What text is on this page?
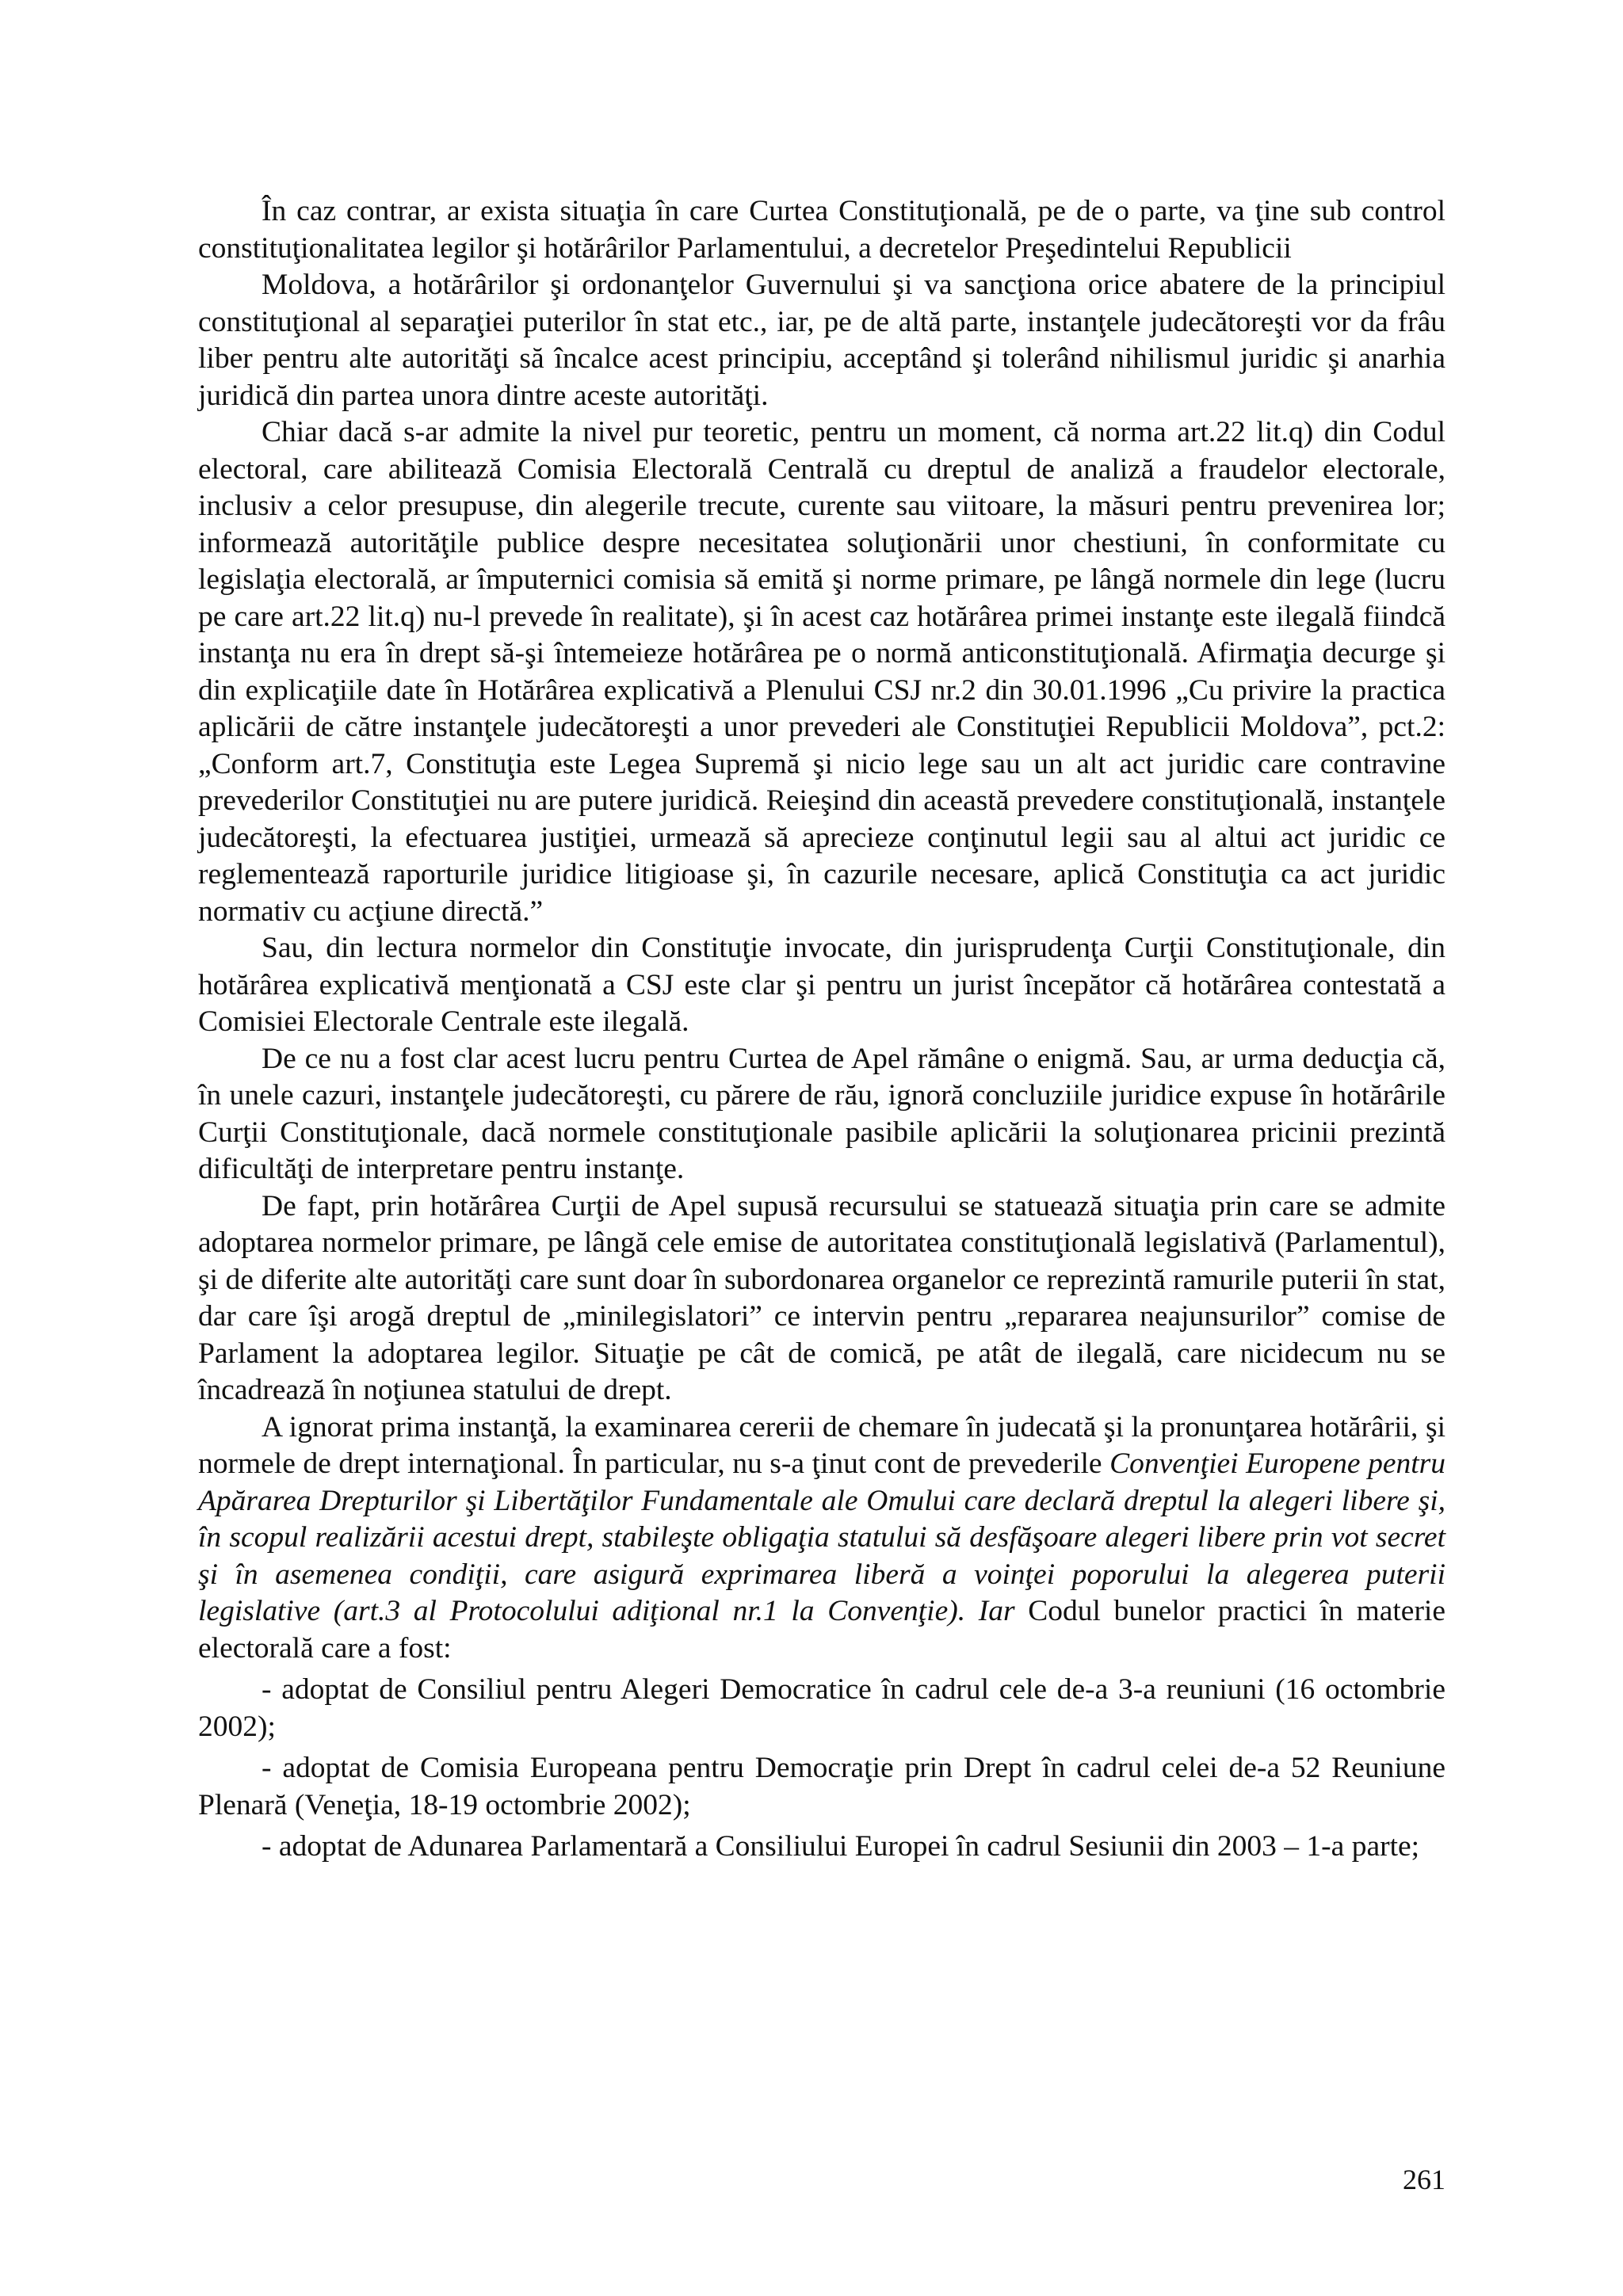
În caz contrar, ar exista situaţia în care Curtea Constituţională, pe de o parte, va ţine sub control constituţionalitatea legilor şi hotărârilor Parlamentului, a decretelor Preşedintelui Republicii

Moldova, a hotărârilor şi ordonanţelor Guvernului şi va sancţiona orice abatere de la principiul constituţional al separaţiei puterilor în stat etc., iar, pe de altă parte, instanţele judecătoreşti vor da frâu liber pentru alte autorităţi să încalce acest principiu, acceptând şi tolerând nihilismul juridic şi anarhia juridică din partea unora dintre aceste autorităţi.

Chiar dacă s-ar admite la nivel pur teoretic, pentru un moment, că norma art.22 lit.q) din Codul electoral, care abilitează Comisia Electorală Centrală cu dreptul de analiză a fraudelor electorale, inclusiv a celor presupuse, din alegerile trecute, curente sau viitoare, la măsuri pentru prevenirea lor; informează autorităţile publice despre necesitatea soluţionării unor chestiuni, în conformitate cu legislaţia electorală, ar împuternici comisia să emită şi norme primare, pe lângă normele din lege (lucru pe care art.22 lit.q) nu-l prevede în realitate), şi în acest caz hotărârea primei instanţe este ilegală fiindcă instanţa nu era în drept să-şi întemeieze hotărârea pe o normă anticonstituţională. Afirmaţia decurge şi din explicaţiile date în Hotărârea explicativă a Plenului CSJ nr.2 din 30.01.1996 „Cu privire la practica aplicării de către instanţele judecătoreşti a unor prevederi ale Constituţiei Republicii Moldova”, pct.2: „Conform art.7, Constituţia este Legea Supremă şi nicio lege sau un alt act juridic care contravine prevederilor Constituţiei nu are putere juridică. Reieşind din această prevedere constituţională, instanţele judecătoreşti, la efectuarea justiţiei, urmează să aprecieze conţinutul legii sau al altui act juridic ce reglementează raporturile juridice litigioase şi, în cazurile necesare, aplică Constituţia ca act juridic normativ cu acţiune directă.”

Sau, din lectura normelor din Constituţie invocate, din jurisprudenţa Curţii Constituţionale, din hotărârea explicativă menţionată a CSJ este clar şi pentru un jurist începător că hotărârea contestată a Comisiei Electorale Centrale este ilegală.

De ce nu a fost clar acest lucru pentru Curtea de Apel rămâne o enigmă. Sau, ar urma deducţia că, în unele cazuri, instanţele judecătoreşti, cu părere de rău, ignoră concluziile juridice expuse în hotărârile Curţii Constituţionale, dacă normele constituţionale pasibile aplicării la soluţionarea pricinii prezintă dificultăţi de interpretare pentru instanţe.

De fapt, prin hotărârea Curţii de Apel supusă recursului se statuează situaţia prin care se admite adoptarea normelor primare, pe lângă cele emise de autoritatea constituţională legislativă (Parlamentul), şi de diferite alte autorităţi care sunt doar în subordonarea organelor ce reprezintă ramurile puterii în stat, dar care îşi arogă dreptul de „minilegislatori” ce intervin pentru „repararea neajunsurilor” comise de Parlament la adoptarea legilor. Situaţie pe cât de comică, pe atât de ilegală, care nicidecum nu se încadrează în noţiunea statului de drept.

A ignorat prima instanţă, la examinarea cererii de chemare în judecată şi la pronunţarea hotărârii, şi normele de drept internaţional. În particular, nu s-a ţinut cont de prevederile Convenţiei Europene pentru Apărarea Drepturilor şi Libertăţilor Fundamentale ale Omului care declară dreptul la alegeri libere şi, în scopul realizării acestui drept, stabileşte obligaţia statului să desfăşoare alegeri libere prin vot secret şi în asemenea condiţii, care asigură exprimarea liberă a voinţei poporului la alegerea puterii legislative (art.3 al Protocolului adiţional nr.1 la Convenţie). Iar Codul bunelor practici în materie electorală care a fost:

- adoptat de Consiliul pentru Alegeri Democratice în cadrul cele de-a 3-a reuniuni (16 octombrie 2002);

- adoptat de Comisia Europeana pentru Democraţie prin Drept în cadrul celei de-a 52 Reuniune Plenară (Veneţia, 18-19 octombrie 2002);

- adoptat de Adunarea Parlamentară a Consiliului Europei în cadrul Sesiunii din 2003 – 1-a parte;

261
